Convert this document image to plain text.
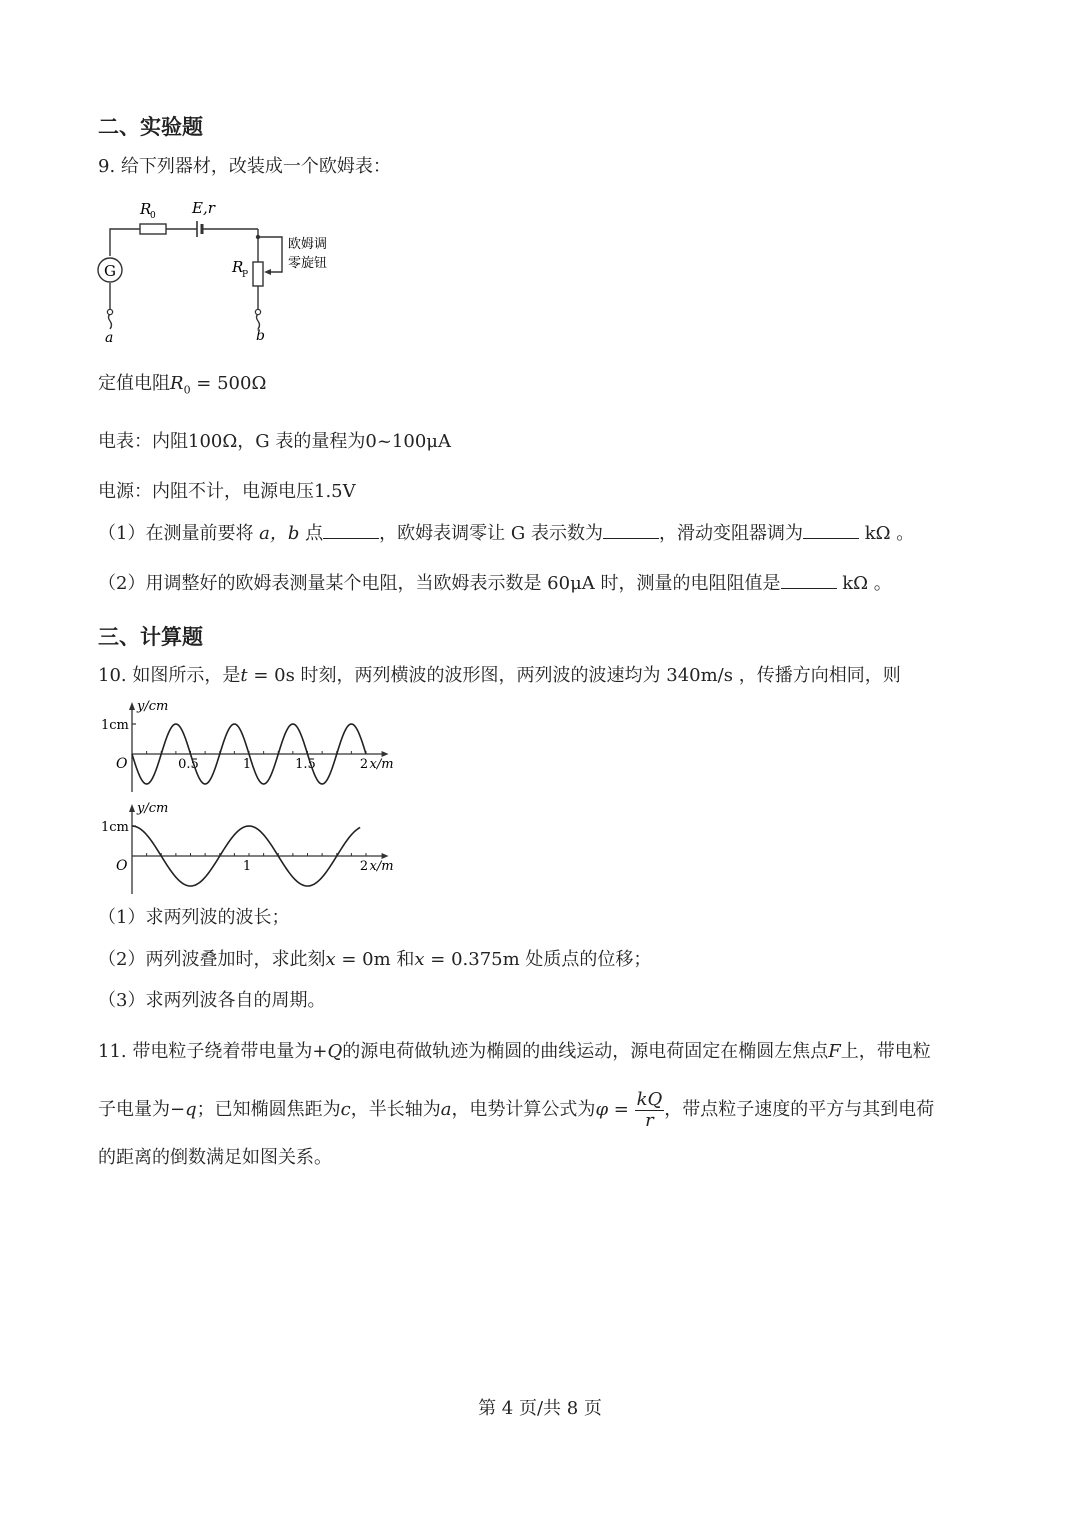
二、实验题
9. 给下列器材，改装成一个欧姆表：
G
R
0 E,r
R
P
欧姆调
零旋钮
a	b
定值电阻$R_0 = 500\Omega$
电表：内阻100Ω，G 表的量程为0~100μA
电源：内阻不计，电源电压1.5V
（1）在测量前要将 a，b 点	，欧姆表调零让 G 表示数为	，滑动变阻器调为	kΩ 。
（2）用调整好的欧姆表测量某个电阻，当欧姆表示数是 60μA 时，测量的电阻阻值是	kΩ 。
三、计算题
10. 如图所示，是t = 0s 时刻，两列横波的波形图，两列波的波速均为 340m/s ，传播方向相同，则
1cm
y/cm
O	x/m
0.5	1	1.5	2
1cm
y/cm
O	x/m
1	2
（1）求两列波的波长；
（2）两列波叠加时，求此刻x = 0m 和x = 0.375m 处质点的位移；
（3）求两列波各自的周期。
11. 带电粒子绕着带电量为+Q的源电荷做轨迹为椭圆的曲线运动，源电荷固定在椭圆左焦点F上，带电粒
子电量为−q；已知椭圆焦距为c，半长轴为a，电势计算公式为$\varphi = \frac{kQ}{r}$ ，带点粒子速度的平方与其到电荷
的距离的倒数满足如图关系。
第 4 页/共 8 页
